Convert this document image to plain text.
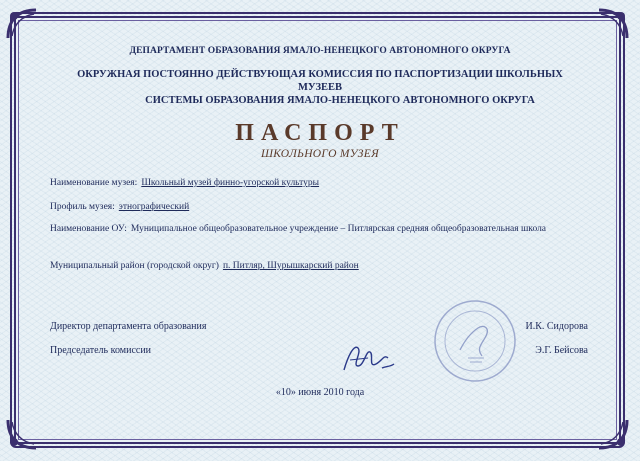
ДЕПАРТАМЕНТ ОБРАЗОВАНИЯ ЯМАЛО-НЕНЕЦКОГО АВТОНОМНОГО ОКРУГА
ОКРУЖНАЯ ПОСТОЯННО ДЕЙСТВУЮЩАЯ КОМИССИЯ ПО ПАСПОРТИЗАЦИИ ШКОЛЬНЫХ МУЗЕЕВ
СИСТЕМЫ ОБРАЗОВАНИЯ ЯМАЛО-НЕНЕЦКОГО АВТОНОМНОГО ОКРУГА
ПАСПОРТ
ШКОЛЬНОГО МУЗЕЯ
Наименование музея: Школьный музей финно-угорской культуры
Профиль музея: этнографический
Наименование ОУ: Муниципальное общеобразовательное учреждение – Питлярская средняя общеобразовательная школа
Муниципальный район (городской округ) п. Питляр, Шурышкарский район
Директор департамента образования	И.К. Сидорова
Председатель комиссии	Э.Г. Бейсова
«10» июня 2010 года
